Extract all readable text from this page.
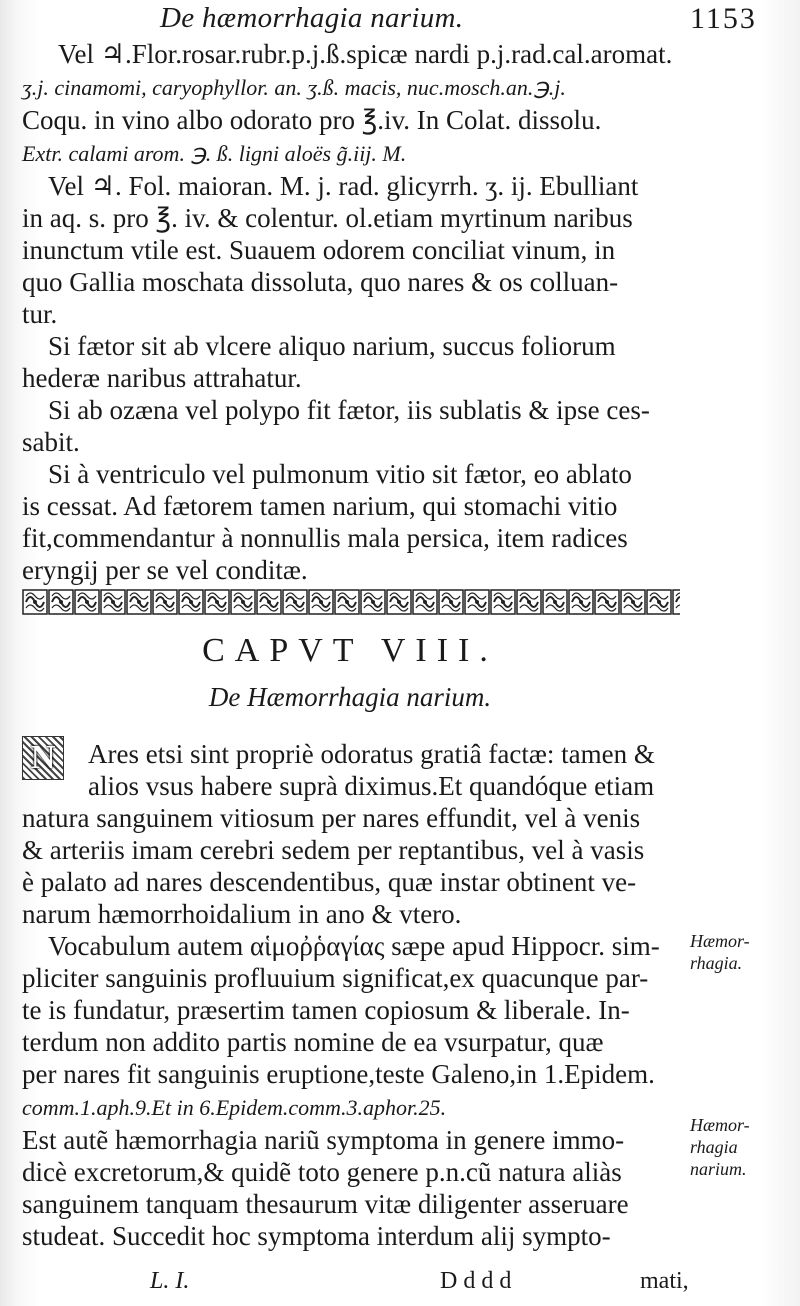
De hæmorrhagia narium.	1153
Vel ♃.Flor.rosar.rubr.p.j.ß.spicæ nardi p.j.rad.cal.aromat.
ʒ.j. cinamomi, caryophyllor. an. ʒ.ß. macis, nuc.mosch.an.℈.j.
Coqu. in vino albo odorato pro ℥.iv. In Colat. dissolu.
Extr. calami arom. ℈. ß. ligni aloës g̃.iij. M.
Vel ♃. Fol. maioran. M. j. rad. glicyrrh. ʒ. ij. Ebulliant
in aq. s. pro ℥. iv. & colentur. ol.etiam myrtinum naribus
inunctum vtile est. Suauem odorem conciliat vinum, in
quo Gallia moschata dissoluta, quo nares & os colluan-
tur.
Si fætor sit ab vlcere aliquo narium, succus foliorum
hederæ naribus attrahatur.
Si ab ozæna vel polypo fit fætor, iis sublatis & ipse ces-
sabit.
Si à ventriculo vel pulmonum vitio sit fætor, eo ablato
is cessat. Ad fætorem tamen narium, qui stomachi vitio
fit,commendantur à nonnullis mala persica, item radices
eryngij per se vel conditæ.
CAPVT VIII.
De Hæmorrhagia narium.
N	Ares etsi sint propriè odoratus gratiâ factæ: tamen &
alios vsus habere suprà diximus.Et quandóque etiam
natura sanguinem vitiosum per nares effundit, vel à venis
& arteriis imam cerebri sedem per reptantibus, vel à vasis
è palato ad nares descendentibus, quæ instar obtinent ve-
narum hæmorrhoidalium in ano & vtero.
Vocabulum autem αἱμοῤῥαγίας sæpe apud Hippocr. sim-
pliciter sanguinis profluuium significat,ex quacunque par-
te is fundatur, præsertim tamen copiosum & liberale. In-
terdum non addito partis nomine de ea vsurpatur, quæ
per nares fit sanguinis eruptione,teste Galeno,in 1.Epidem.
comm.1.aph.9.Et in 6.Epidem.comm.3.aphor.25.
Est autẽ hæmorrhagia nariũ symptoma in genere immo-
dicè excretorum,& quidẽ toto genere p.n.cũ natura aliàs
sanguinem tanquam thesaurum vitæ diligenter asseruare
studeat. Succedit hoc symptoma interdum alij sympto-
Hæmor-
rhagia.
Hæmor-
rhagia
narium.
L. I.	Dddd	mati,
